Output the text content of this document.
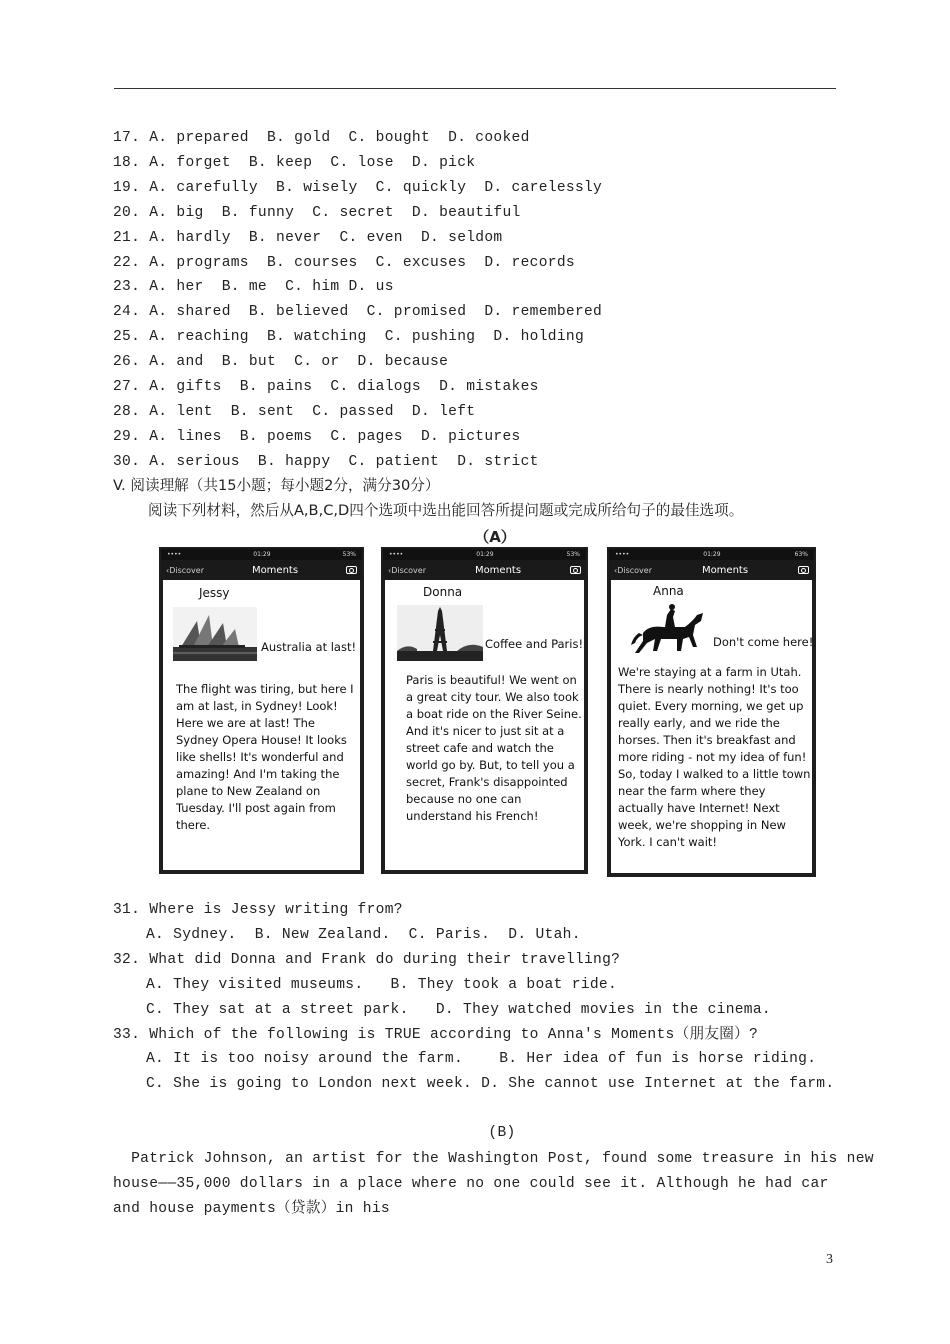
17. A. prepared  B. gold  C. bought  D. cooked
18. A. forget  B. keep  C. lose  D. pick
19. A. carefully  B. wisely  C. quickly  D. carelessly
20. A. big  B. funny  C. secret  D. beautiful
21. A. hardly  B. never  C. even  D. seldom
22. A. programs  B. courses  C. excuses  D. records
23. A. her  B. me  C. him D. us
24. A. shared  B. believed  C. promised  D. remembered
25. A. reaching  B. watching  C. pushing  D. holding
26. A. and  B. but  C. or  D. because
27. A. gifts  B. pains  C. dialogs  D. mistakes
28. A. lent  B. sent  C. passed  D. left
29. A. lines  B. poems  C. pages  D. pictures
30. A. serious  B. happy  C. patient  D. strict
V. 阅读理解（共15小题；每小题2分，满分30分）
阅读下列材料，然后从A,B,C,D四个选项中选出能回答所提问题或完成所给句子的最佳选项。
（A）
••••	01:29	53%
‹Discover	Moments
Jessy
Australia at last!
The flight was tiring, but here I am at last, in Sydney! Look! Here we are at last! The Sydney Opera House! It looks like shells! It's wonderful and amazing! And I'm taking the plane to New Zealand on Tuesday. I'll post again from there.
••••	01:29	53%
‹Discover	Moments
Donna
Coffee and Paris!
Paris is beautiful! We went on a great city tour. We also took a boat ride on the River Seine. And it's nicer to just sit at a street cafe and watch the world go by. But, to tell you a secret, Frank's disappointed because no one can understand his French!
••••	01:29	63%
‹Discover	Moments
Anna
Don't come here!
We're staying at a farm in Utah. There is nearly nothing! It's too quiet. Every morning, we get up really early, and we ride the horses. Then it's breakfast and more riding - not my idea of fun! So, today I walked to a little town near the farm where they actually have Internet! Next week, we're shopping in New York. I can't wait!
31. Where is Jessy writing from?
A. Sydney.  B. New Zealand.  C. Paris.  D. Utah.
32. What did Donna and Frank do during their travelling?
A. They visited museums.   B. They took a boat ride.
C. They sat at a street park.   D. They watched movies in the cinema.
33. Which of the following is TRUE according to Anna's Moments（朋友圈）?
A. It is too noisy around the farm.    B. Her idea of fun is horse riding.
C. She is going to London next week. D. She cannot use Internet at the farm.
(B)
Patrick Johnson, an artist for the Washington Post, found some treasure in his new
house——35,000 dollars in a place where no one could see it. Although he had car
and house payments（贷款）in his
3
